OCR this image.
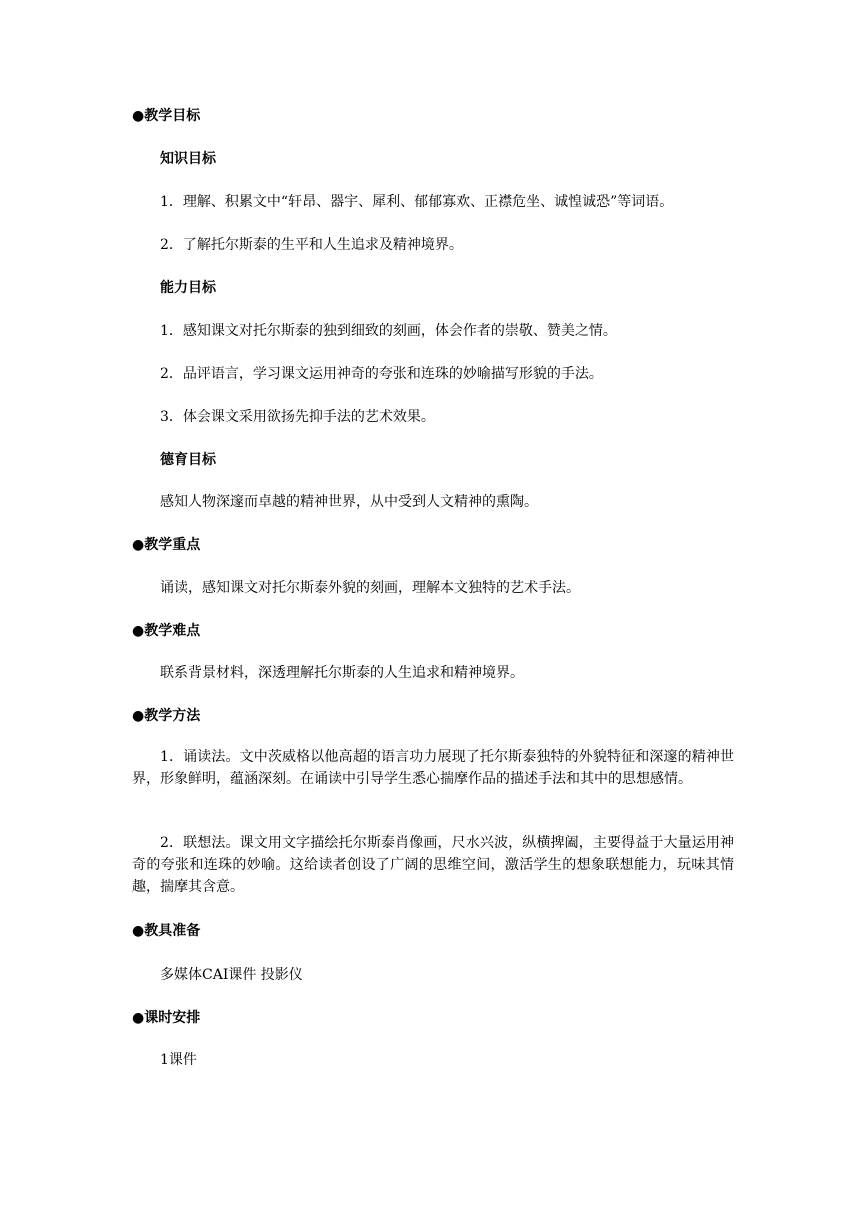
●教学目标
知识目标
1．理解、积累文中“轩昂、器宇、犀利、郁郁寡欢、正襟危坐、诚惶诚恐”等词语。
2．了解托尔斯泰的生平和人生追求及精神境界。
能力目标
1．感知课文对托尔斯泰的独到细致的刻画，体会作者的崇敬、赞美之情。
2．品评语言，学习课文运用神奇的夸张和连珠的妙喻描写形貌的手法。
3．体会课文采用欲扬先抑手法的艺术效果。
德育目标
感知人物深邃而卓越的精神世界，从中受到人文精神的熏陶。
●教学重点
诵读，感知课文对托尔斯泰外貌的刻画，理解本文独特的艺术手法。
●教学难点
联系背景材料，深透理解托尔斯泰的人生追求和精神境界。
●教学方法
1．诵读法。文中茨威格以他高超的语言功力展现了托尔斯泰独特的外貌特征和深邃的精神世界，形象鲜明，蕴涵深刻。在诵读中引导学生悉心揣摩作品的描述手法和其中的思想感情。
2．联想法。课文用文字描绘托尔斯泰肖像画，尺水兴波，纵横捭阖，主要得益于大量运用神奇的夸张和连珠的妙喻。这给读者创设了广阔的思维空间，激活学生的想象联想能力，玩味其情趣，揣摩其含意。
●教具准备
多媒体CAI课件 投影仪
●课时安排
1课件
